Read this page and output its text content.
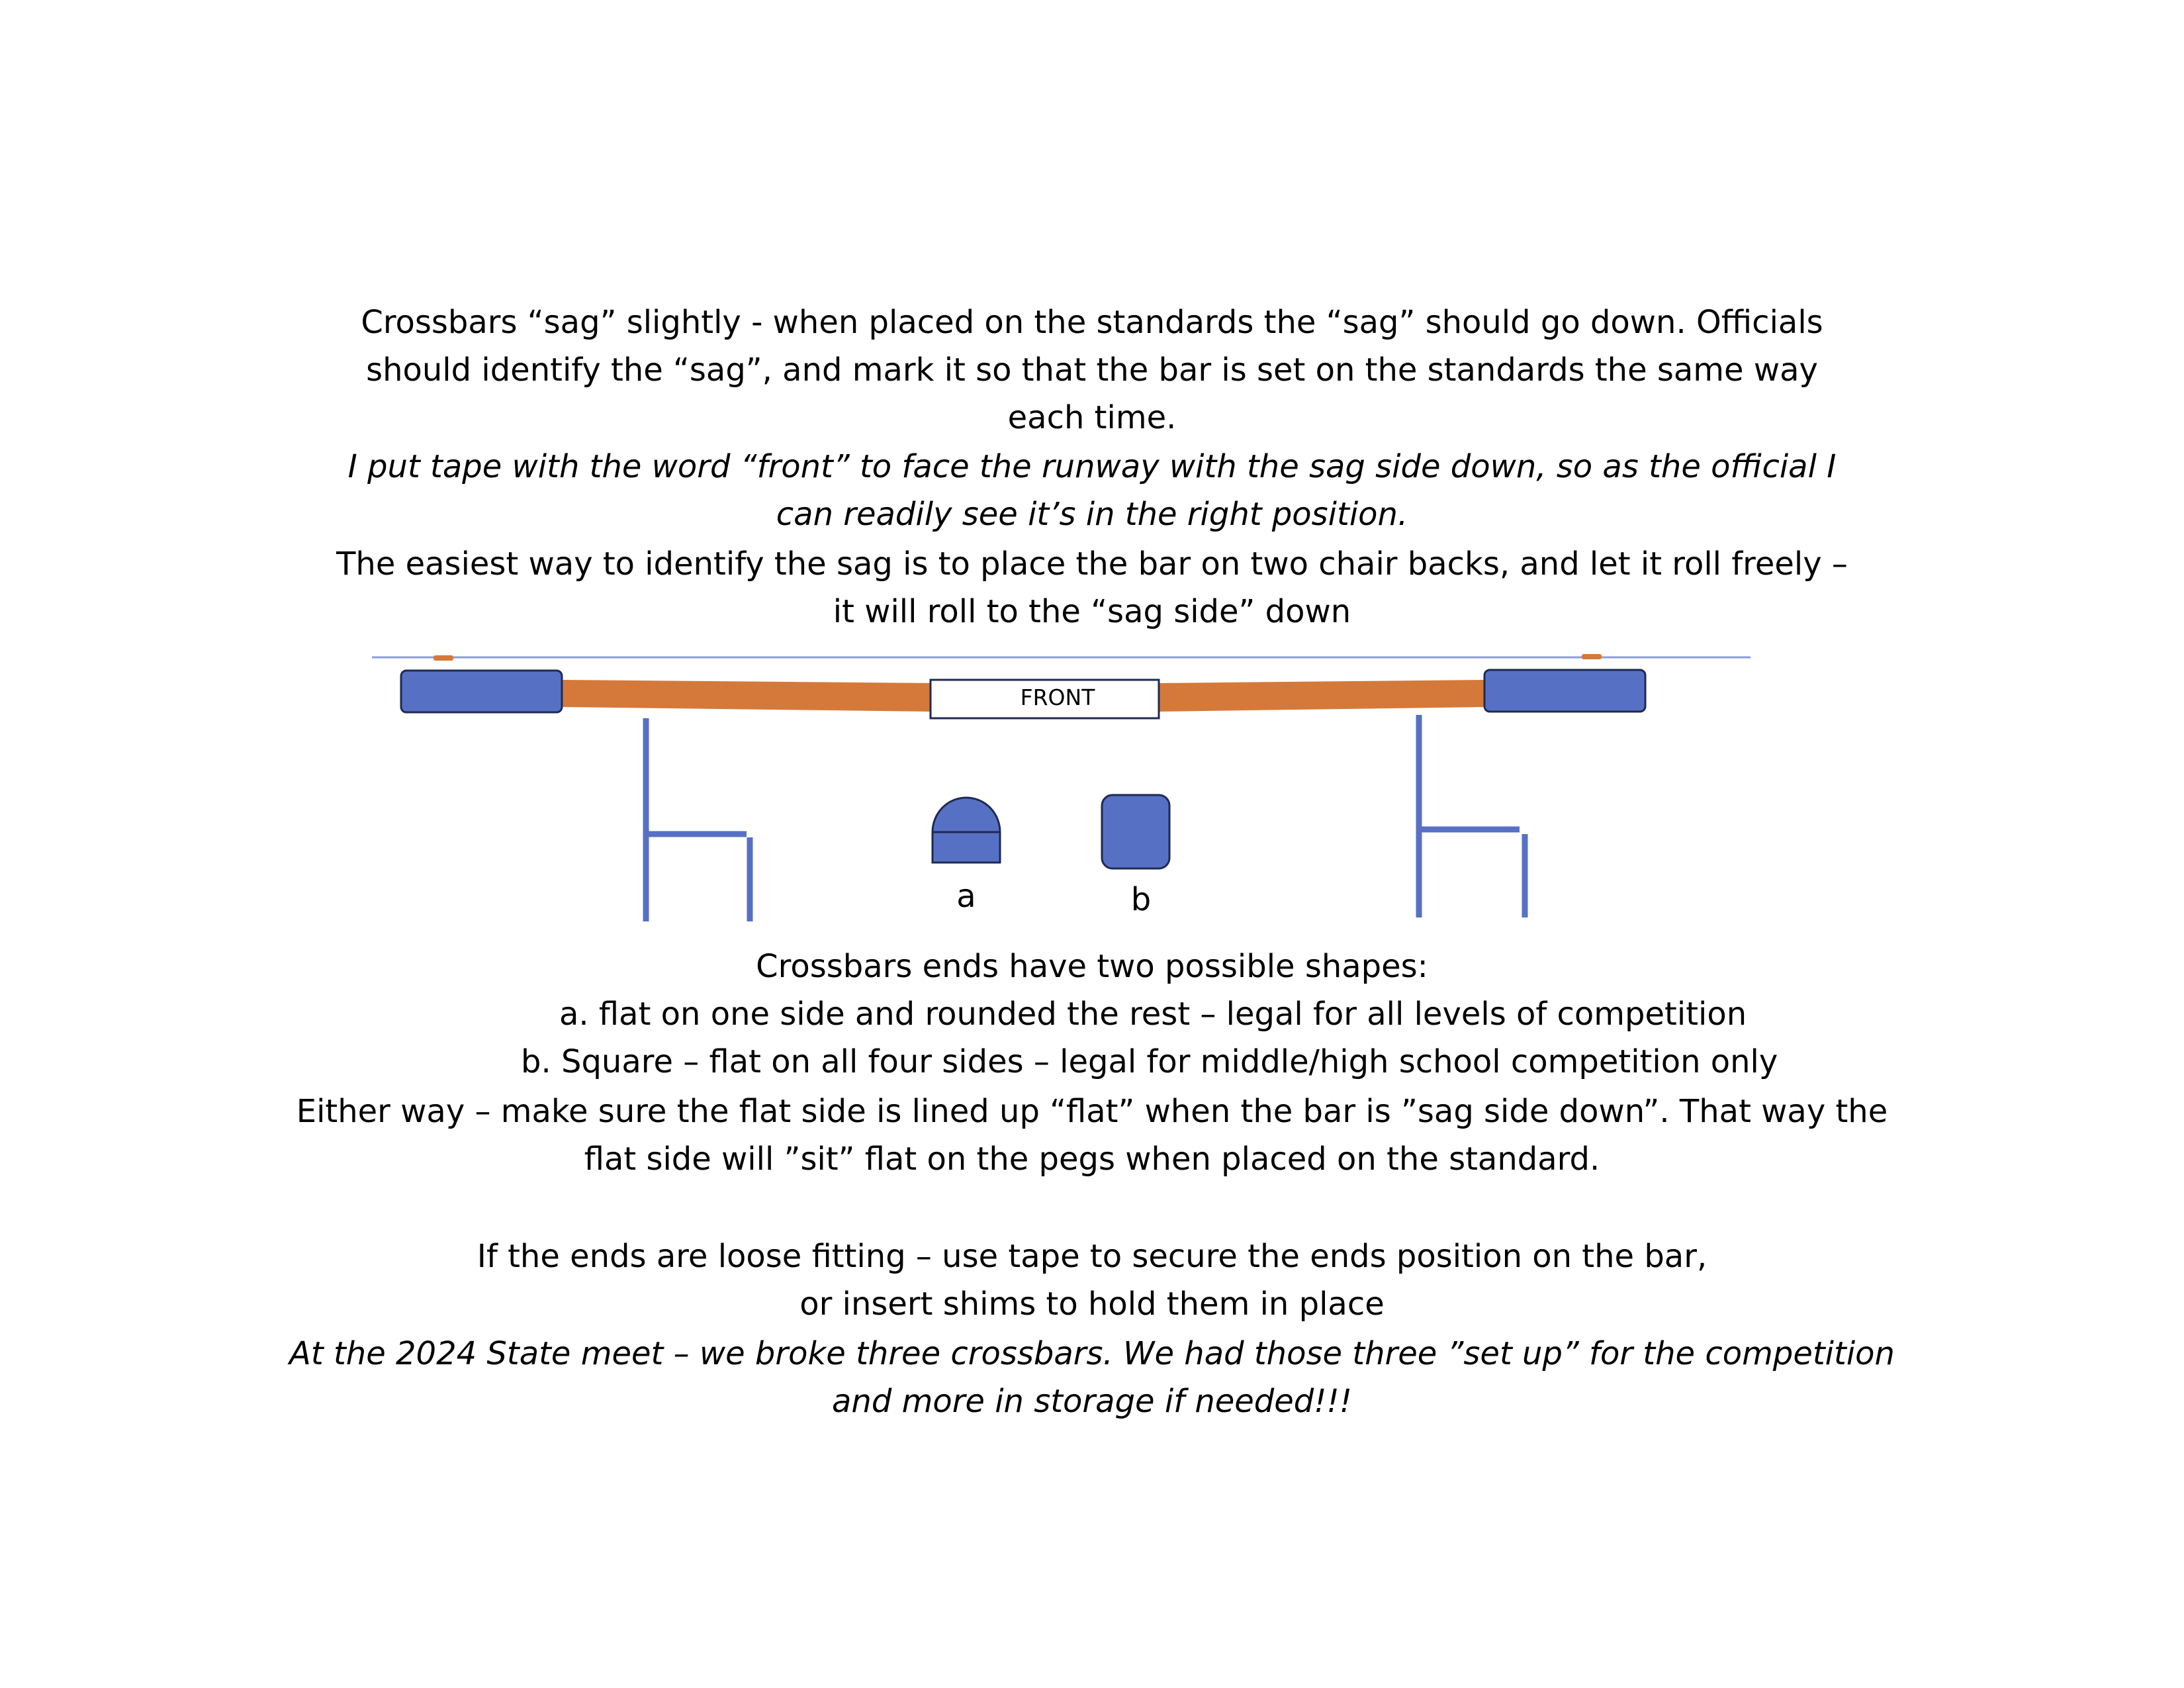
Crossbars “sag” slightly - when placed on the standards the “sag” should go down. Officials
should identify the “sag”, and mark it so that the bar is set on the standards the same way
each time.
I put tape with the word “front” to face the runway with the sag side down, so as the official I
can readily see it’s in the right position.
The easiest way to identify the sag is to place the bar on two chair backs, and let it roll freely –
it will roll to the “sag side” down
FRONT
a	b
Crossbars ends have two possible shapes:
a. flat on one side and rounded the rest – legal for all levels of competition
b. Square – flat on all four sides – legal for middle/high school competition only
Either way – make sure the flat side is lined up “flat” when the bar is ”sag side down”. That way the
flat side will ”sit” flat on the pegs when placed on the standard.
If the ends are loose fitting – use tape to secure the ends position on the bar,
or insert shims to hold them in place
At the 2024 State meet – we broke three crossbars. We had those three ”set up” for the competition
and more in storage if needed!!!
